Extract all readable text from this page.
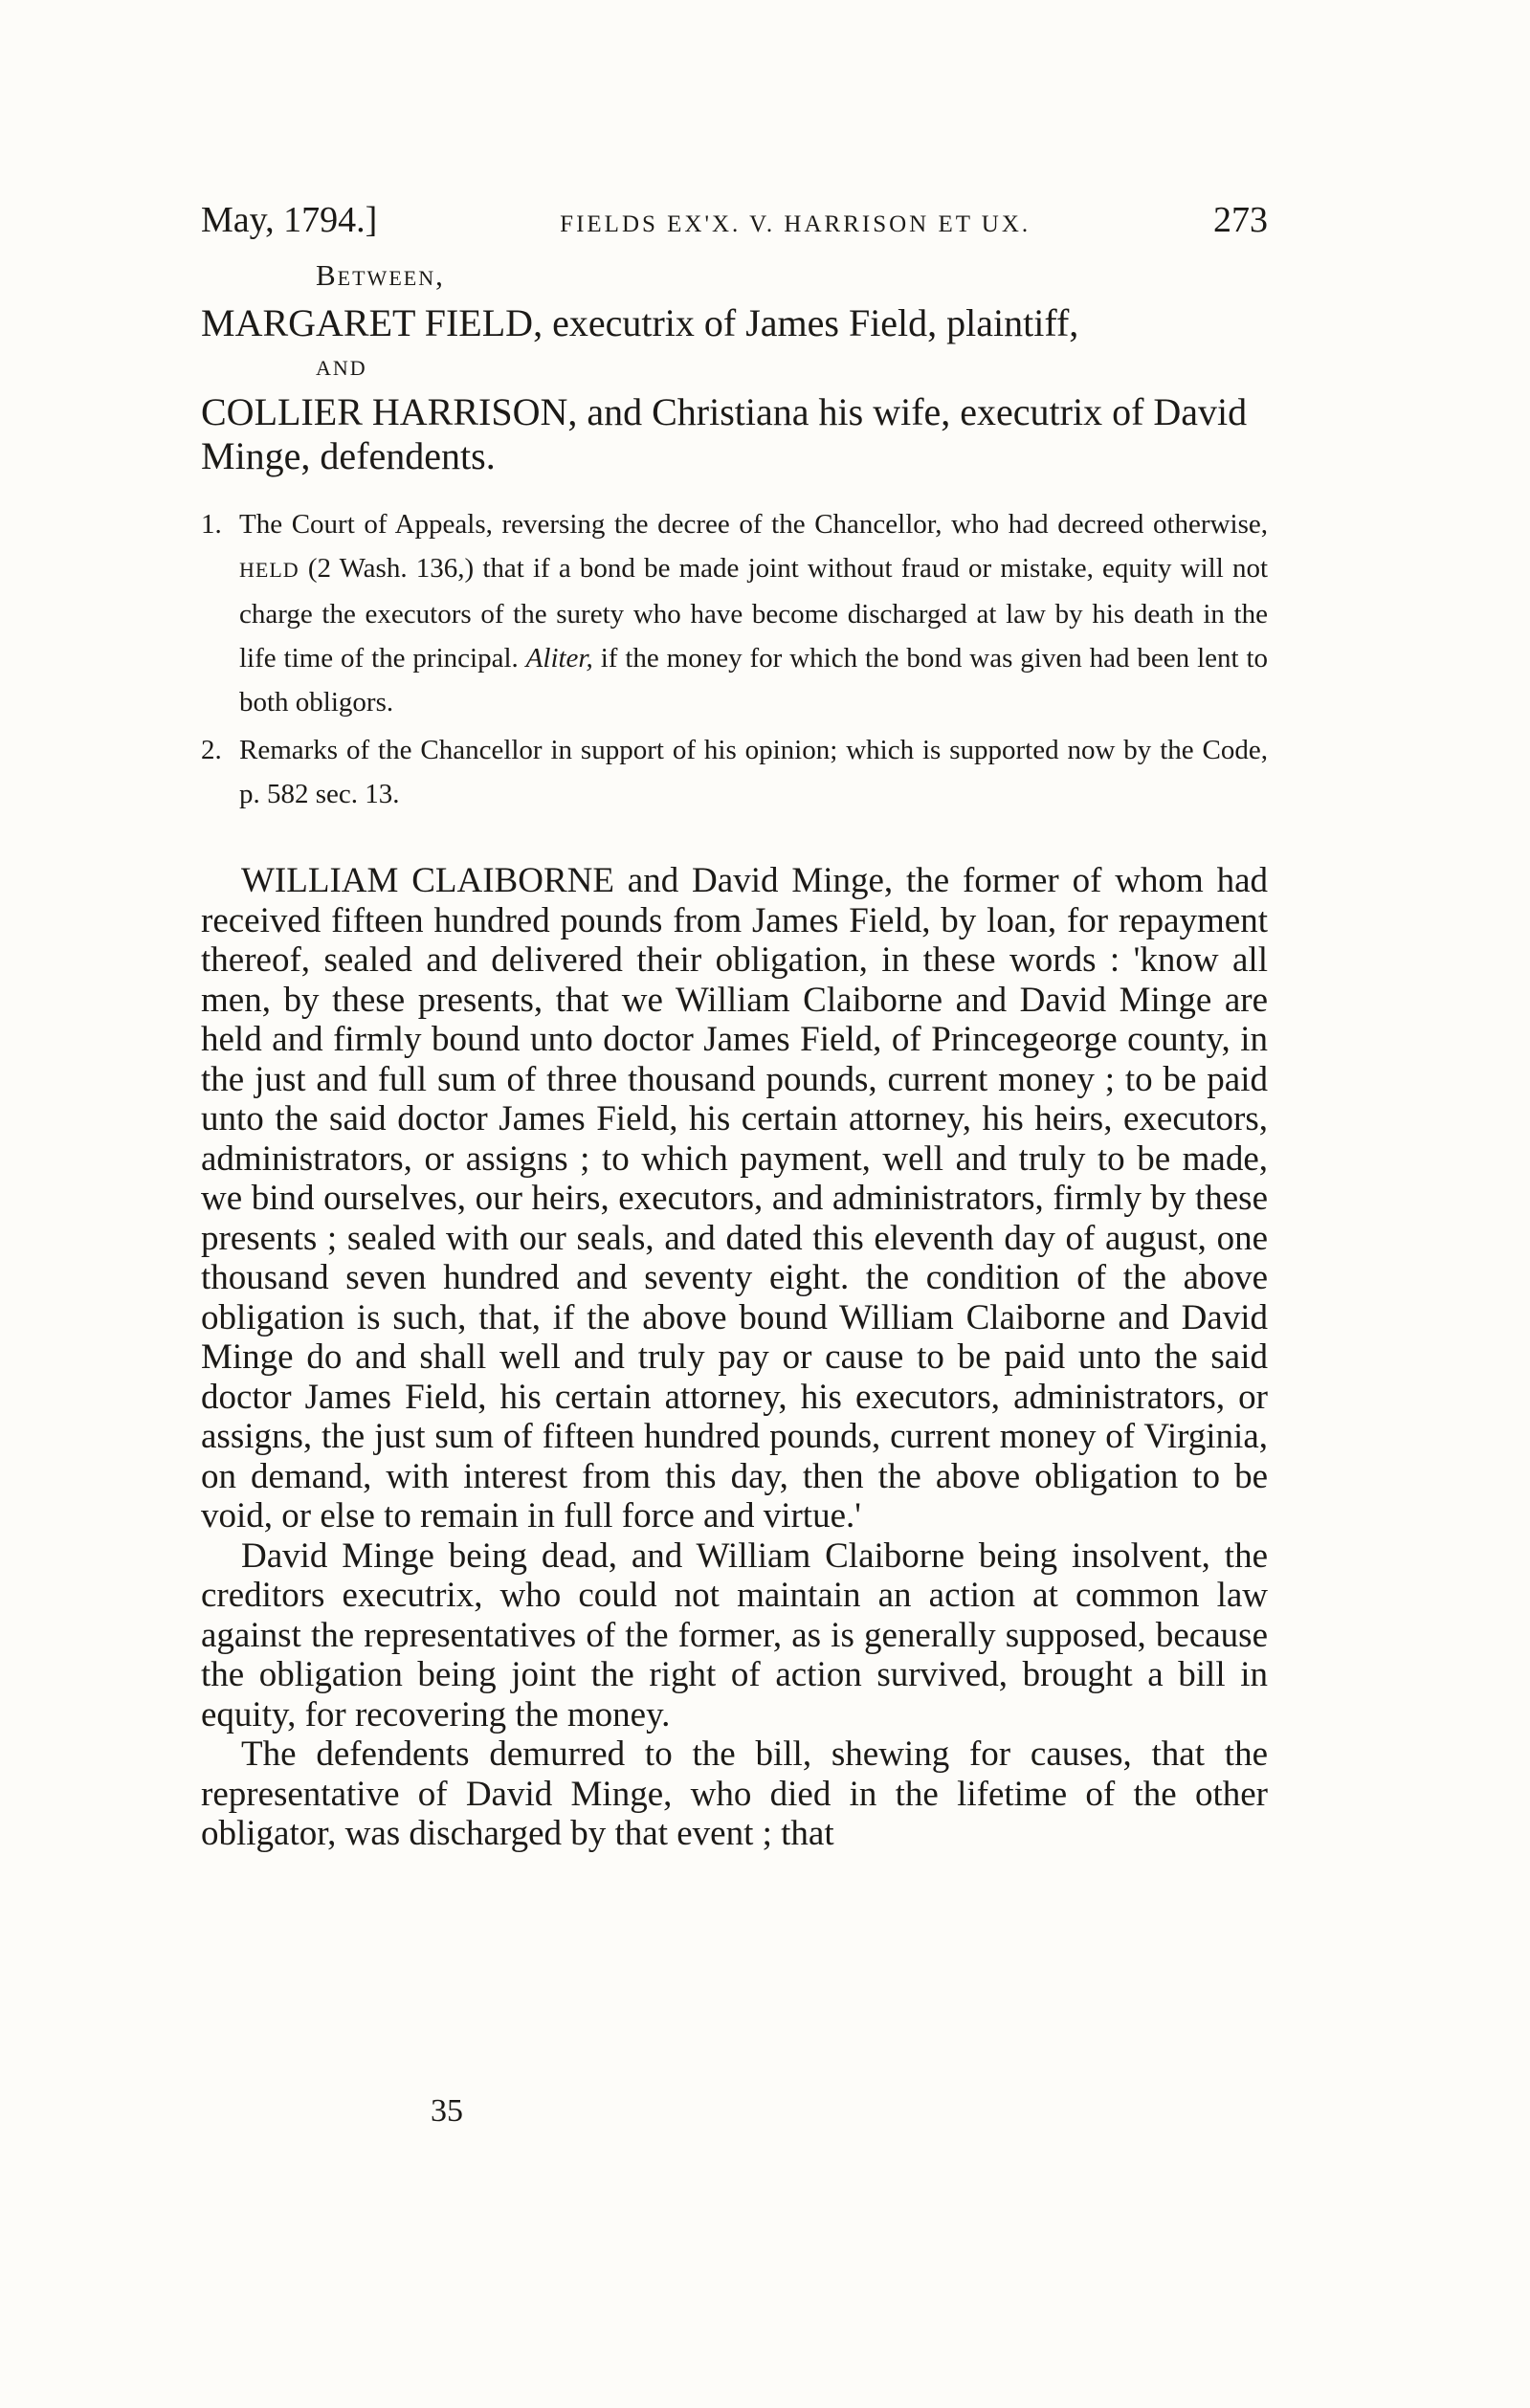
May, 1794.]	FIELDS EX'X. V. HARRISON ET UX.	273
Between,
MARGARET FIELD, executrix of James Field, plaintiff,
AND
COLLIER HARRISON, and Christiana his wife, executrix of David Minge, defendents.

1. The Court of Appeals, reversing the decree of the Chancellor, who had decreed otherwise, HELD (2 Wash. 136,) that if a bond be made joint without fraud or mistake, equity will not charge the executors of the surety who have become discharged at law by his death in the life time of the principal. Aliter, if the money for which the bond was given had been lent to both obligors.

2. Remarks of the Chancellor in support of his opinion; which is supported now by the Code, p. 582 sec. 13.

WILLIAM CLAIBORNE and David Minge, the former of whom had received fifteen hundred pounds from James Field, by loan, for repayment thereof, sealed and delivered their obligation, in these words : 'know all men, by these presents, that we William Claiborne and David Minge are held and firmly bound unto doctor James Field, of Princegeorge county, in the just and full sum of three thousand pounds, current money ; to be paid unto the said doctor James Field, his certain attorney, his heirs, executors, administrators, or assigns ; to which payment, well and truly to be made, we bind ourselves, our heirs, executors, and administrators, firmly by these presents ; sealed with our seals, and dated this eleventh day of august, one thousand seven hundred and seventy eight. the condition of the above obligation is such, that, if the above bound William Claiborne and David Minge do and shall well and truly pay or cause to be paid unto the said doctor James Field, his certain attorney, his executors, administrators, or assigns, the just sum of fifteen hundred pounds, current money of Virginia, on demand, with interest from this day, then the above obligation to be void, or else to remain in full force and virtue.'

David Minge being dead, and William Claiborne being insolvent, the creditors executrix, who could not maintain an action at common law against the representatives of the former, as is generally supposed, because the obligation being joint the right of action survived, brought a bill in equity, for recovering the money.

The defendents demurred to the bill, shewing for causes, that the representative of David Minge, who died in the lifetime of the other obligator, was discharged by that event ; that

35
